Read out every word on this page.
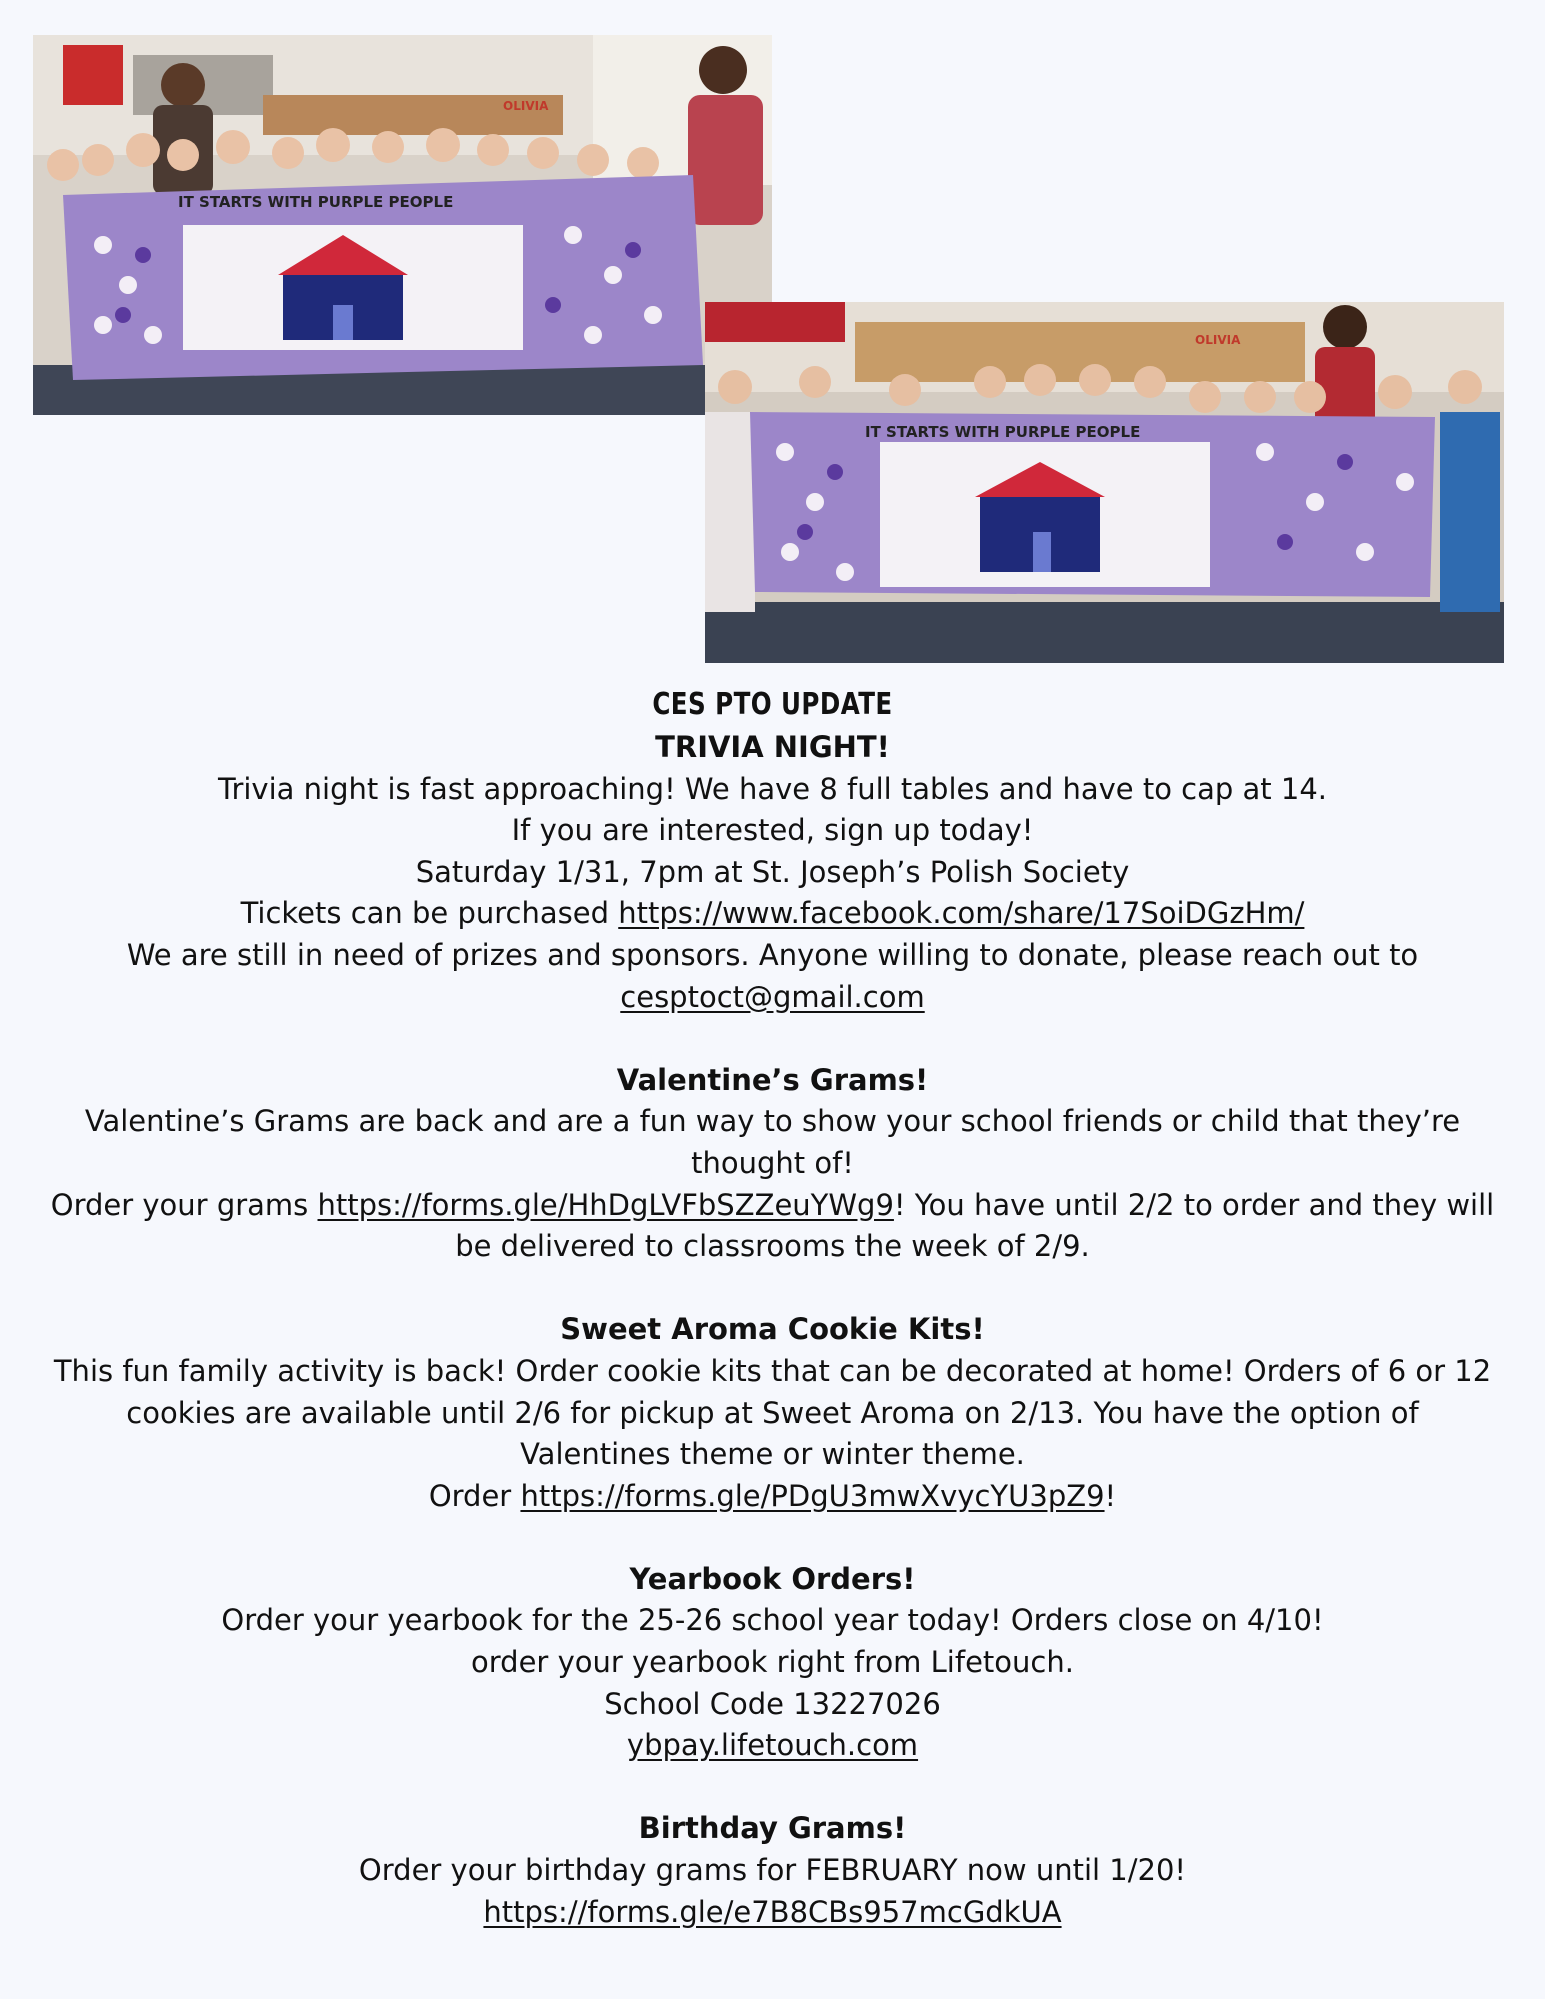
IT STARTS WITH PURPLE PEOPLE
OLIVIA
IT STARTS WITH PURPLE PEOPLE
OLIVIA

CES PTO UPDATE

TRIVIA NIGHT!

Trivia night is fast approaching! We have 8 full tables and have to cap at 14.

If you are interested, sign up today!

Saturday 1/31, 7pm at St. Joseph’s Polish Society

Tickets can be purchased https://www.facebook.com/share/17SoiDGzHm/

We are still in need of prizes and sponsors. Anyone willing to donate, please reach out to

cesptoct@gmail.com

Valentine’s Grams!

Valentine’s Grams are back and are a fun way to show your school friends or child that they’re

thought of!

Order your grams https://forms.gle/HhDgLVFbSZZeuYWg9! You have until 2/2 to order and they will

be delivered to classrooms the week of 2/9.

Sweet Aroma Cookie Kits!

This fun family activity is back! Order cookie kits that can be decorated at home! Orders of 6 or 12

cookies are available until 2/6 for pickup at Sweet Aroma on 2/13. You have the option of

Valentines theme or winter theme.

Order https://forms.gle/PDgU3mwXvycYU3pZ9!

Yearbook Orders!

Order your yearbook for the 25-26 school year today! Orders close on 4/10!

order your yearbook right from Lifetouch.

School Code 13227026

ybpay.lifetouch.com

Birthday Grams!

Order your birthday grams for FEBRUARY now until 1/20!

https://forms.gle/e7B8CBs957mcGdkUA
